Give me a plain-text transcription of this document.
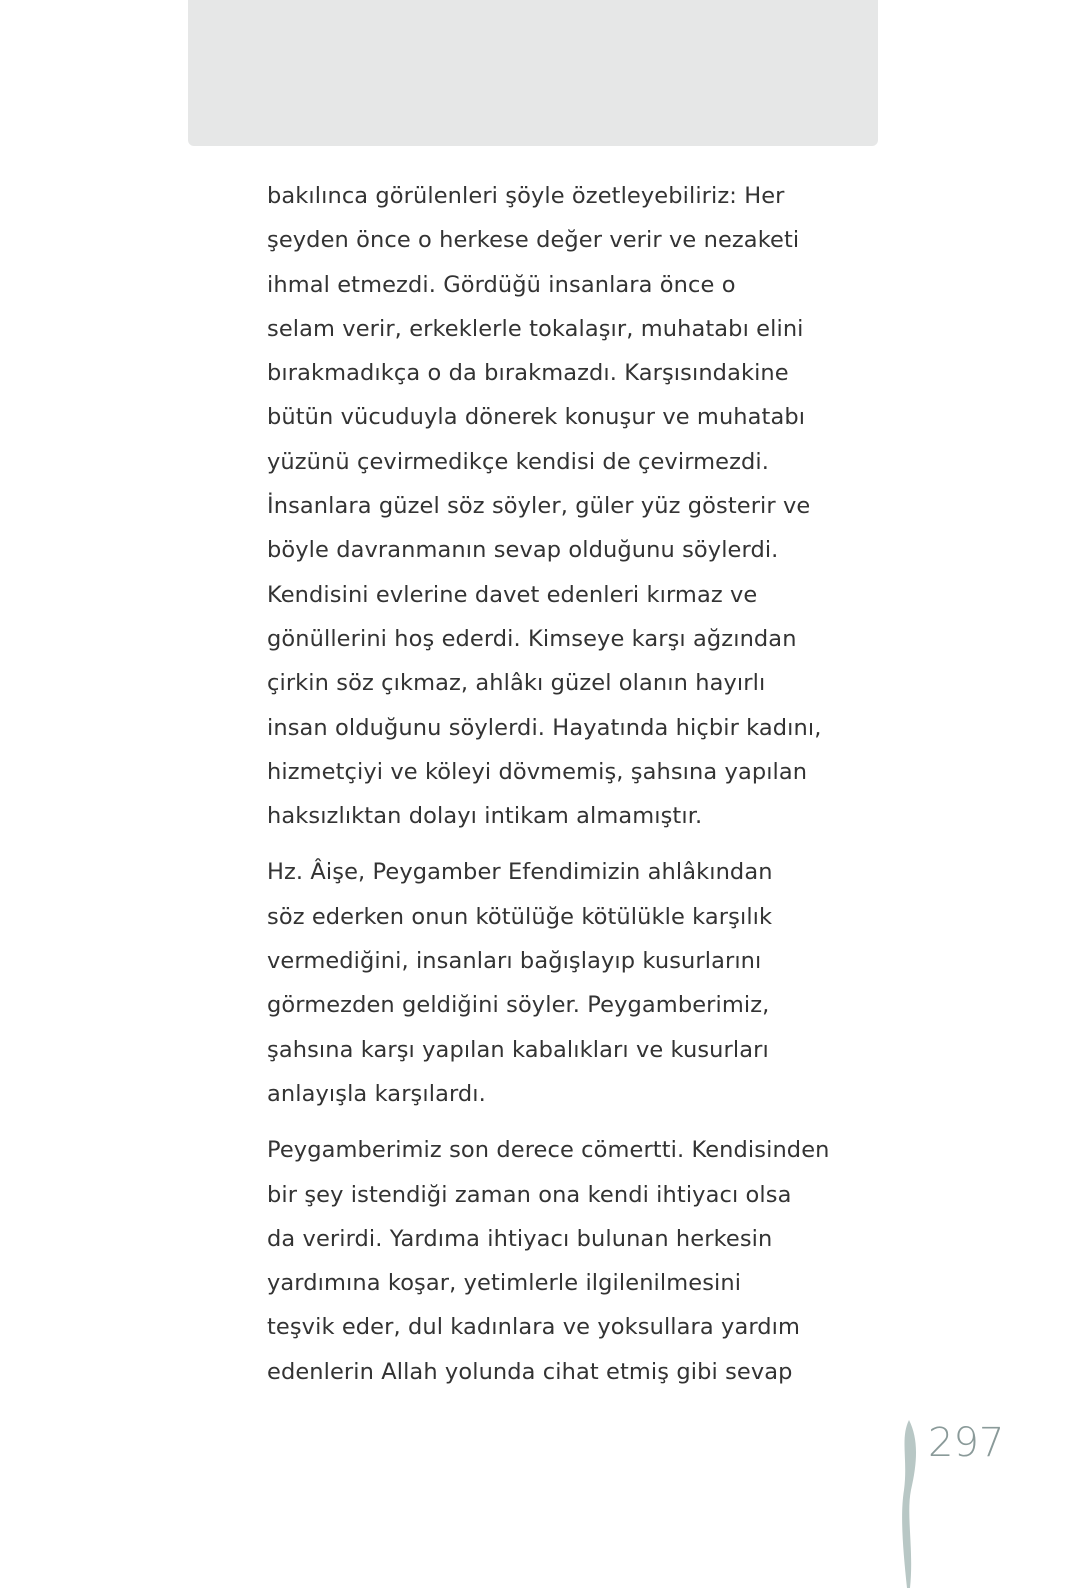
bakılınca görülenleri şöyle özetleyebiliriz: Her
şeyden önce o herkese değer verir ve nezaketi
ihmal etmezdi. Gördüğü insanlara önce o
selam verir, erkeklerle tokalaşır, muhatabı elini
bırakmadıkça o da bırakmazdı. Karşısındakine
bütün vücuduyla dönerek konuşur ve muhatabı
yüzünü çevirmedikçe kendisi de çevirmezdi.
İnsanlara güzel söz söyler, güler yüz gösterir ve
böyle davranmanın sevap olduğunu söylerdi.
Kendisini evlerine davet edenleri kırmaz ve
gönüllerini hoş ederdi. Kimseye karşı ağzından
çirkin söz çıkmaz, ahlâkı güzel olanın hayırlı
insan olduğunu söylerdi. Hayatında hiçbir kadını,
hizmetçiyi ve köleyi dövmemiş, şahsına yapılan
haksızlıktan dolayı intikam almamıştır.
Hz. Âişe, Peygamber Efendimizin ahlâkından
söz ederken onun kötülüğe kötülükle karşılık
vermediğini, insanları bağışlayıp kusurlarını
görmezden geldiğini söyler. Peygamberimiz,
şahsına karşı yapılan kabalıkları ve kusurları
anlayışla karşılardı.
Peygamberimiz son derece cömertti. Kendisinden
bir şey istendiği zaman ona kendi ihtiyacı olsa
da verirdi. Yardıma ihtiyacı bulunan herkesin
yardımına koşar, yetimlerle ilgilenilmesini
teşvik eder, dul kadınlara ve yoksullara yardım
edenlerin Allah yolunda cihat etmiş gibi sevap
297
